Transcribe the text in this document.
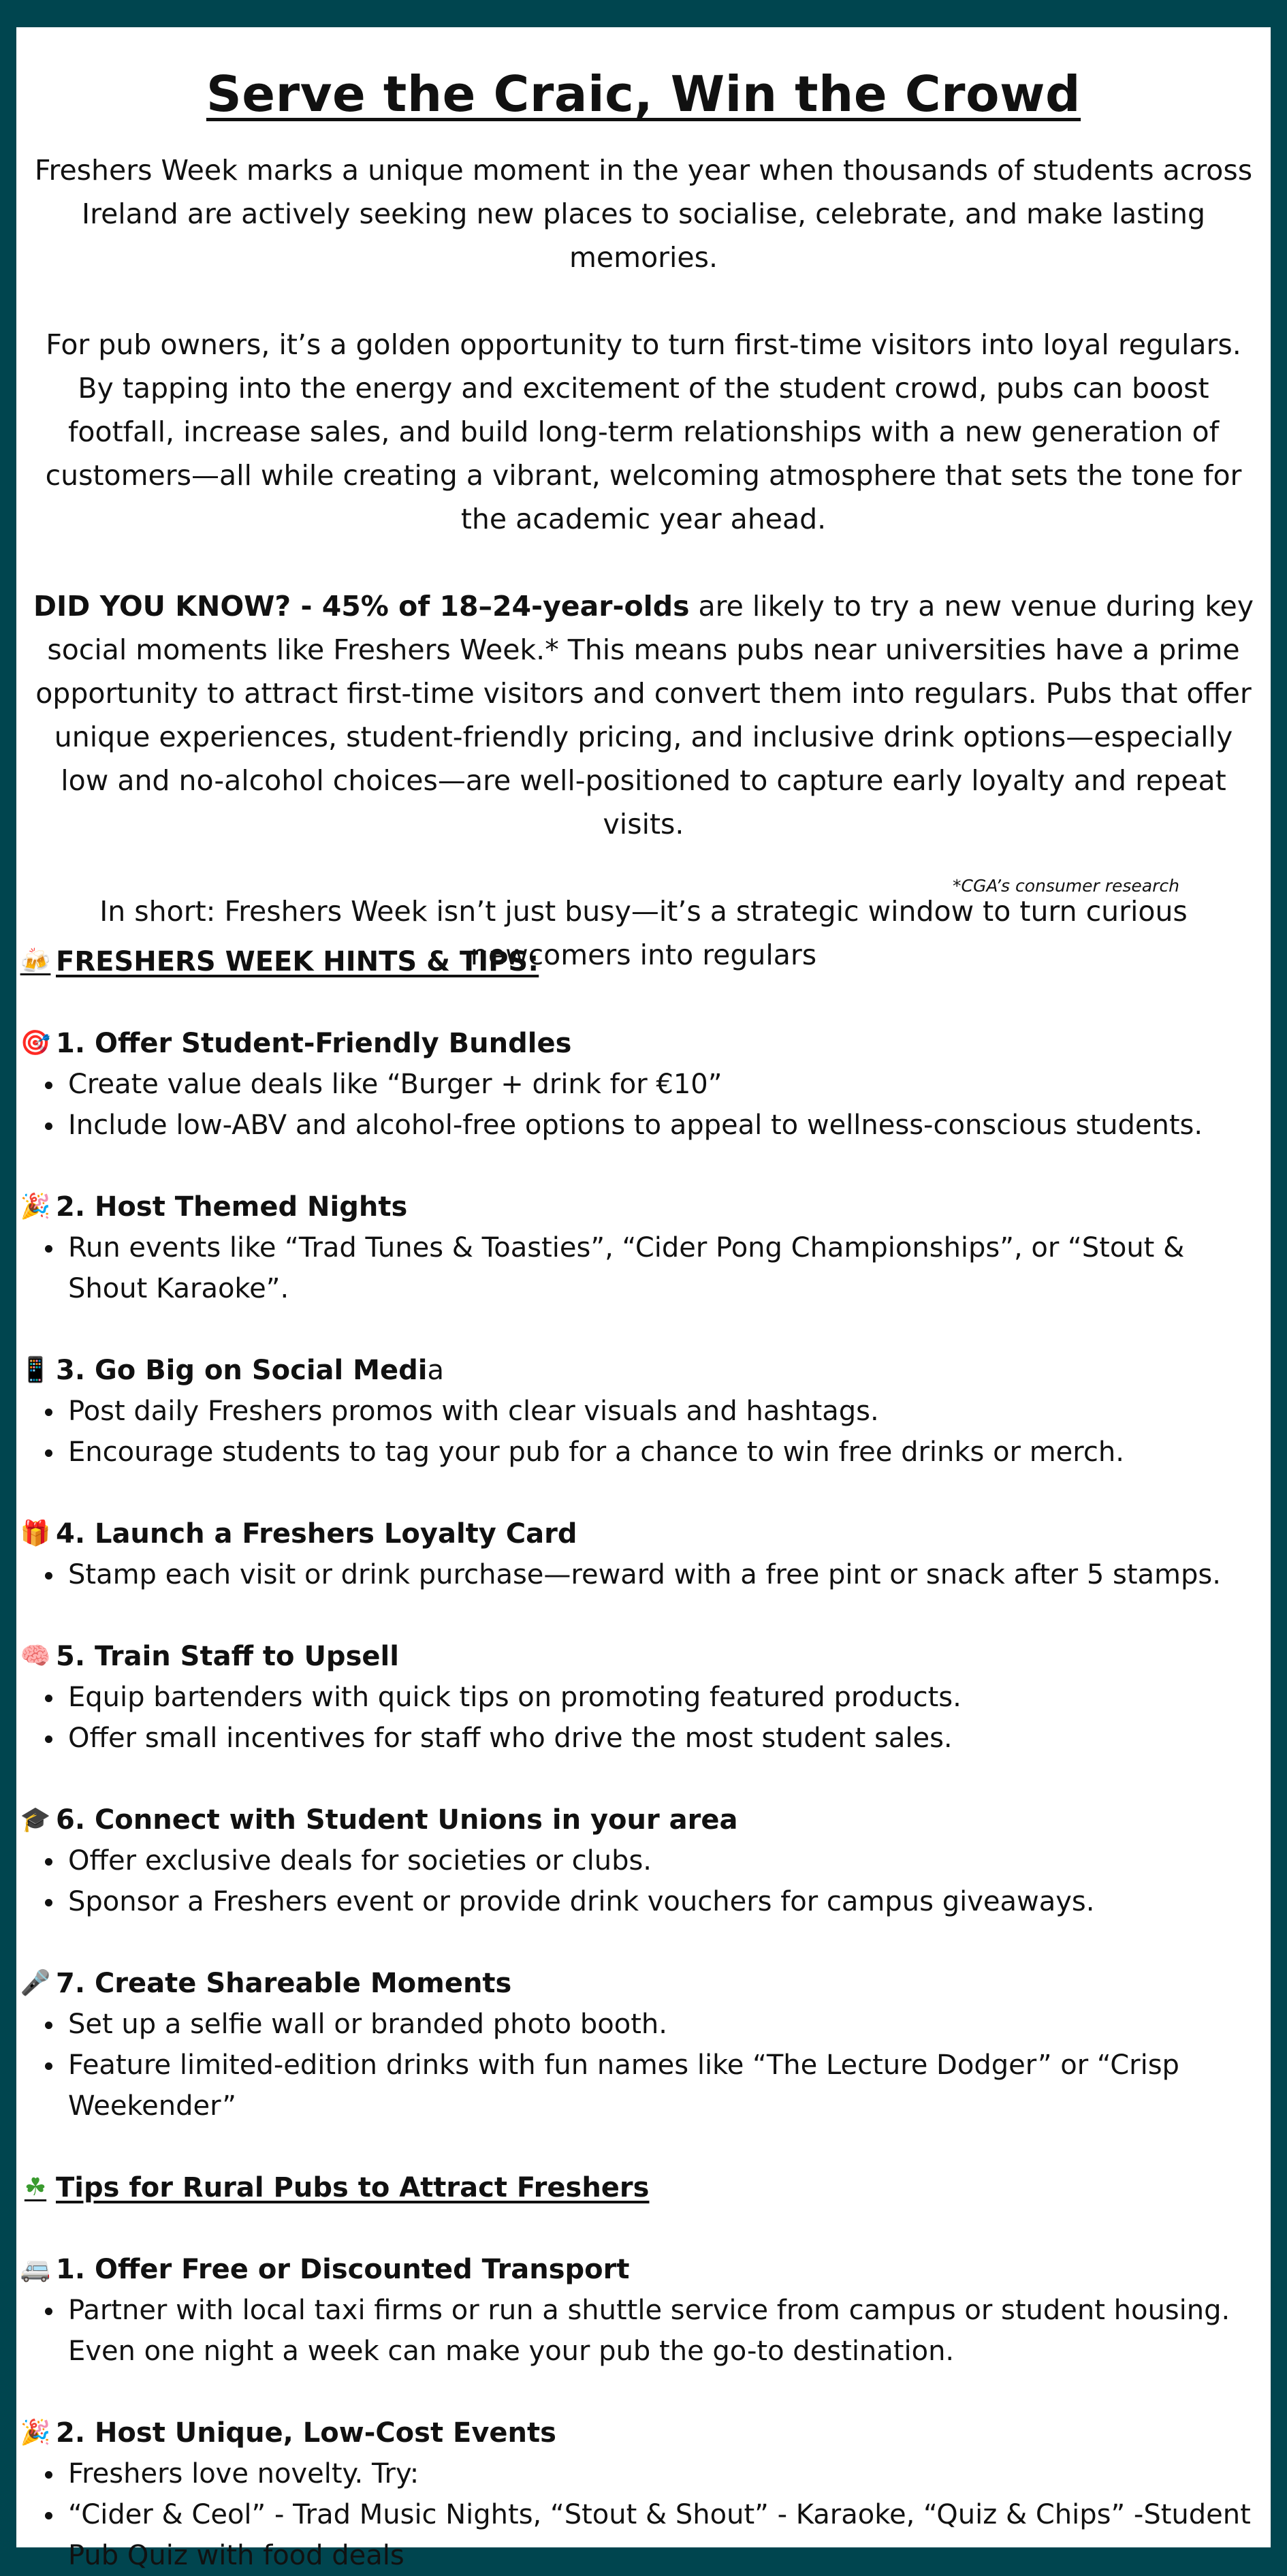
Serve the Craic, Win the Crowd

Freshers Week marks a unique moment in the year when thousands of students across Ireland are actively seeking new places to socialise, celebrate, and make lasting memories.

For pub owners, it’s a golden opportunity to turn first-time visitors into loyal regulars. By tapping into the energy and excitement of the student crowd, pubs can boost footfall, increase sales, and build long-term relationships with a new generation of customers—all while creating a vibrant, welcoming atmosphere that sets the tone for the academic year ahead.

DID YOU KNOW? - 45% of 18–24-year-olds are likely to try a new venue during key social moments like Freshers Week.* This means pubs near universities have a prime opportunity to attract first-time visitors and convert them into regulars. Pubs that offer unique experiences, student-friendly pricing, and inclusive drink options—especially low and no-alcohol choices—are well-positioned to capture early loyalty and repeat visits.

In short: Freshers Week isn’t just busy—it’s a strategic window to turn curious newcomers into regulars

*CGA’s consumer research
🍻 FRESHERS WEEK HINTS & TIPS:
🎯 1. Offer Student-Friendly Bundles
Create value deals like “Burger + drink for €10”
Include low-ABV and alcohol-free options to appeal to wellness-conscious students.
🎉 2. Host Themed Nights
Run events like “Trad Tunes & Toasties”, “Cider Pong Championships”, or “Stout & Shout Karaoke”.
📱 3. Go Big on Social Medi a
Post daily Freshers promos with clear visuals and hashtags.
Encourage students to tag your pub for a chance to win free drinks or merch.
🎁 4. Launch a Freshers Loyalty Card
Stamp each visit or drink purchase—reward with a free pint or snack after 5 stamps.
🧠 5. Train Staff to Upsell
Equip bartenders with quick tips on promoting featured products.
Offer small incentives for staff who drive the most student sales.
🎓 6. Connect with Student Unions in your area
Offer exclusive deals for societies or clubs.
Sponsor a Freshers event or provide drink vouchers for campus giveaways.
🎤 7. Create Shareable Moments
Set up a selfie wall or branded photo booth.
Feature limited-edition drinks with fun names like “The Lecture Dodger” or “Crisp Weekender”
☘ Tips for Rural Pubs to Attract Freshers
🚐 1. Offer Free or Discounted Transport
Partner with local taxi firms or run a shuttle service from campus or student housing. Even one night a week can make your pub the go-to destination.
🎉 2. Host Unique, Low-Cost Events
Freshers love novelty. Try:
“Cider & Ceol” - Trad Music Nights, “Stout & Shout” - Karaoke, “Quiz & Chips” -Student Pub Quiz with food deals
